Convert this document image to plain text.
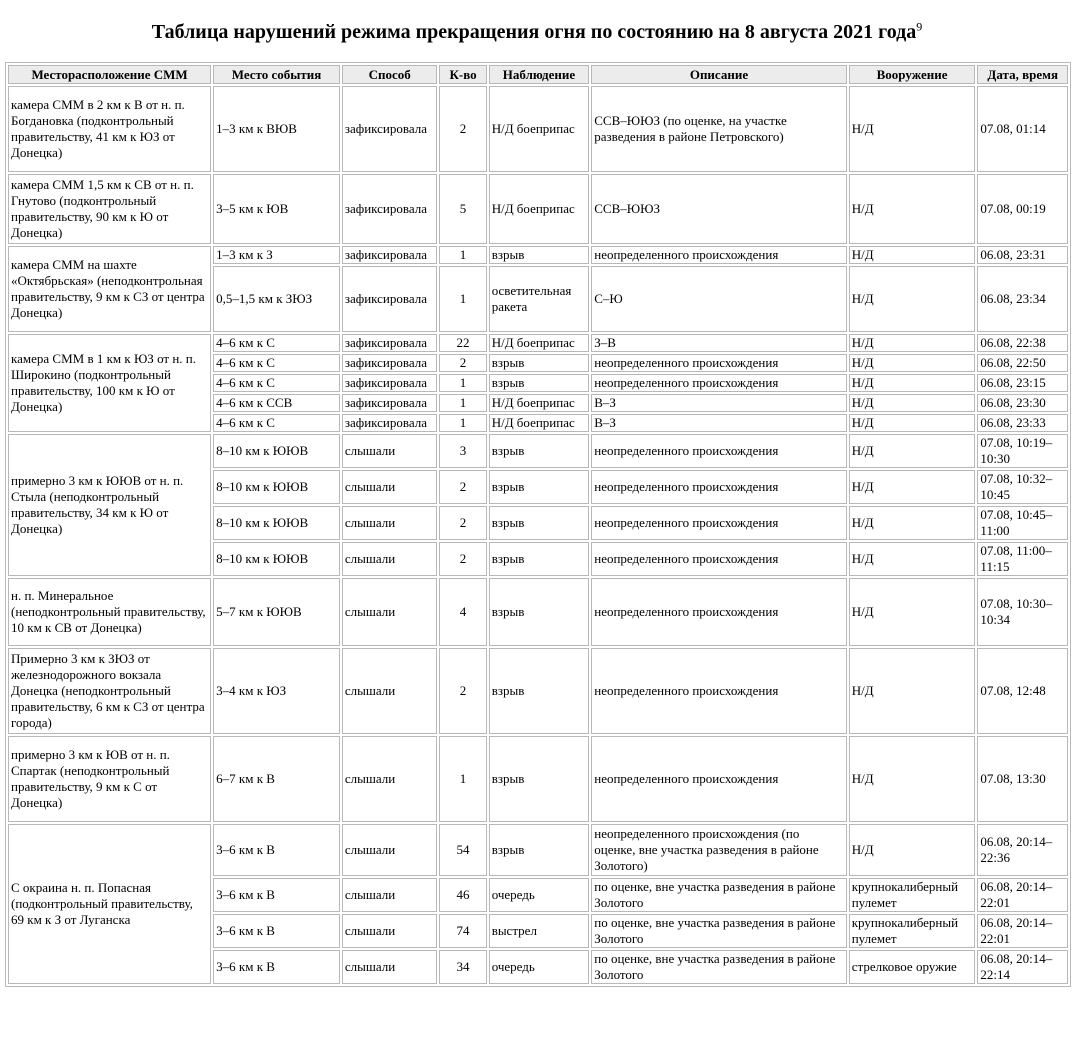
Таблица нарушений режима прекращения огня по состоянию на 8 августа 2021 года$^9$
Месторасположение СММ	Место события	Способ	К-во	Наблюдение	Описание	Вооружение	Дата, время
камера СММ в 2 км к В от н. п. Богдановка (подконтрольный правительству, 41 км к ЮЗ от Донецка)	1–3 км к ВЮВ	зафиксировала	2	Н/Д боеприпас	ССВ–ЮЮЗ (по оценке, на участке разведения в районе Петровского)	Н/Д	07.08, 01:14
камера СММ 1,5 км к СВ от н. п. Гнутово (подконтрольный правительству, 90 км к Ю от Донецка)	3–5 км к ЮВ	зафиксировала	5	Н/Д боеприпас	ССВ–ЮЮЗ	Н/Д	07.08, 00:19
камера СММ на шахте «Октябрьская» (неподконтрольная правительству, 9 км к СЗ от центра Донецка)	1–3 км к З	зафиксировала	1	взрыв	неопределенного происхождения	Н/Д	06.08, 23:31
	0,5–1,5 км к ЗЮЗ	зафиксировала	1	осветительная ракета	С–Ю	Н/Д	06.08, 23:34
камера СММ в 1 км к ЮЗ от н. п. Широкино (подконтрольный правительству, 100 км к Ю от Донецка)	4–6 км к С	зафиксировала	22	Н/Д боеприпас	З–В	Н/Д	06.08, 22:38
	4–6 км к С	зафиксировала	2	взрыв	неопределенного происхождения	Н/Д	06.08, 22:50
	4–6 км к С	зафиксировала	1	взрыв	неопределенного происхождения	Н/Д	06.08, 23:15
	4–6 км к ССВ	зафиксировала	1	Н/Д боеприпас	В–З	Н/Д	06.08, 23:30
	4–6 км к С	зафиксировала	1	Н/Д боеприпас	В–З	Н/Д	06.08, 23:33
примерно 3 км к ЮЮВ от н. п. Стыла (неподконтрольный правительству, 34 км к Ю от Донецка)	8–10 км к ЮЮВ	слышали	3	взрыв	неопределенного происхождения	Н/Д	07.08, 10:19–10:30
	8–10 км к ЮЮВ	слышали	2	взрыв	неопределенного происхождения	Н/Д	07.08, 10:32–10:45
	8–10 км к ЮЮВ	слышали	2	взрыв	неопределенного происхождения	Н/Д	07.08, 10:45–11:00
	8–10 км к ЮЮВ	слышали	2	взрыв	неопределенного происхождения	Н/Д	07.08, 11:00–11:15
н. п. Минеральное (неподконтрольный правительству, 10 км к СВ от Донецка)	5–7 км к ЮЮВ	слышали	4	взрыв	неопределенного происхождения	Н/Д	07.08, 10:30–10:34
Примерно 3 км к ЗЮЗ от железнодорожного вокзала Донецка (неподконтрольный правительству, 6 км к СЗ от центра города)	3–4 км к ЮЗ	слышали	2	взрыв	неопределенного происхождения	Н/Д	07.08, 12:48
примерно 3 км к ЮВ от н. п. Спартак (неподконтрольный правительству, 9 км к С от Донецка)	6–7 км к В	слышали	1	взрыв	неопределенного происхождения	Н/Д	07.08, 13:30
С окраина н. п. Попасная (подконтрольный правительству, 69 км к З от Луганска	3–6 км к В	слышали	54	взрыв	неопределенного происхождения (по оценке, вне участка разведения в районе Золотого)	Н/Д	06.08, 20:14–22:36
	3–6 км к В	слышали	46	очередь	по оценке, вне участка разведения в районе Золотого	крупнокалиберный пулемет	06.08, 20:14–22:01
	3–6 км к В	слышали	74	выстрел	по оценке, вне участка разведения в районе Золотого	крупнокалиберный пулемет	06.08, 20:14–22:01
	3–6 км к В	слышали	34	очередь	по оценке, вне участка разведения в районе Золотого	стрелковое оружие	06.08, 20:14–22:14
